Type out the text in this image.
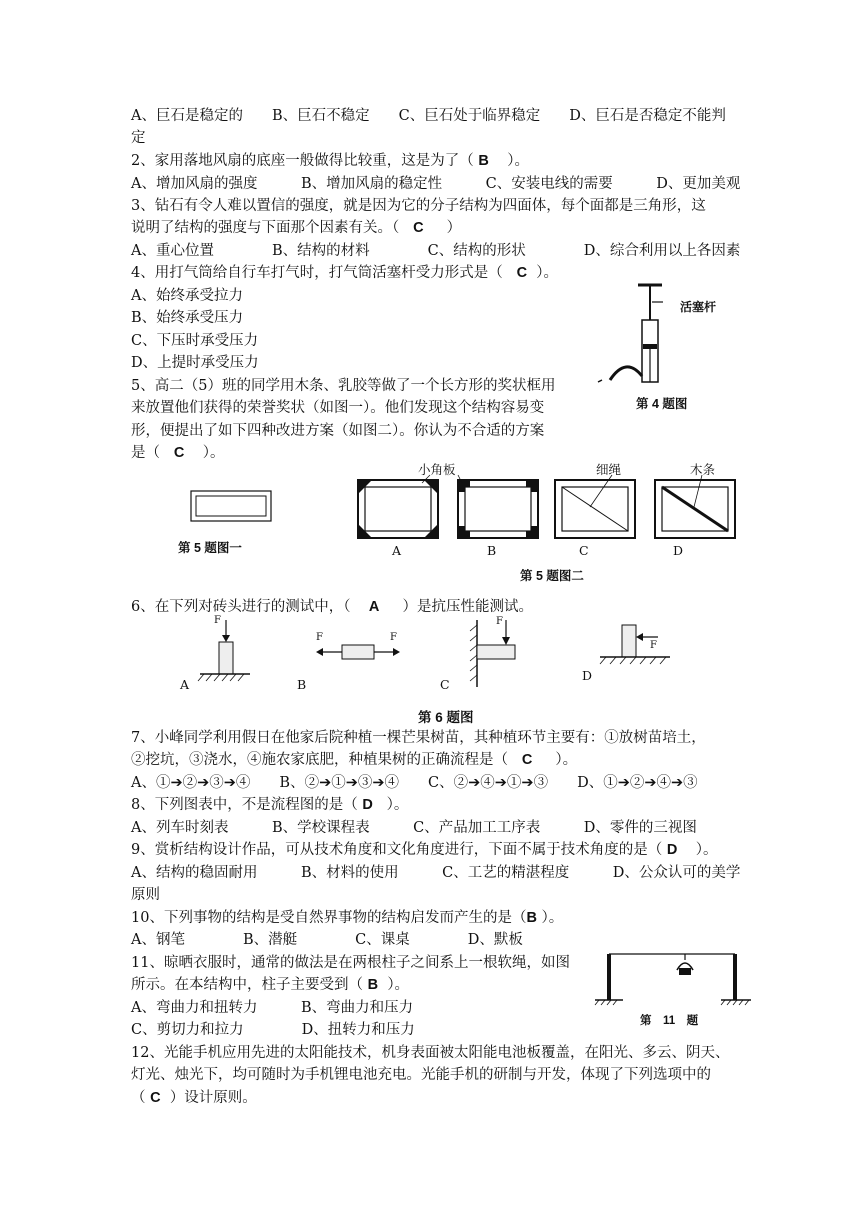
A、巨石是稳定的　　B、巨石不稳定　　C、巨石处于临界稳定　　D、巨石是否稳定不能判
定
2、家用落地风扇的底座一般做得比较重，这是为了（ B ）。
A、增加风扇的强度　　　B、增加风扇的稳定性　　　C、安装电线的需要　　　D、更加美观
3、钻石有令人难以置信的强度，就是因为它的分子结构为四面体，每个面都是三角形，这
说明了结构的强度与下面那个因素有关。（ C ）
A、重心位置　　　　B、结构的材料　　　　C、结构的形状　　　　D、综合利用以上各因素
4、用打气筒给自行车打气时，打气筒活塞杆受力形式是（ C ）。
A、始终承受拉力
B、始终承受压力
C、下压时承受压力
D、上提时承受压力
活塞杆
第 4 题图
5、高二（5）班的同学用木条、乳胶等做了一个长方形的奖状框用
来放置他们获得的荣誉奖状（如图一）。他们发现这个结构容易变
形，便提出了如下四种改进方案（如图二）。你认为不合适的方案
是（ C ）。
第 5 题图一
小角板	细绳	木条
A	B	C	D
第 5 题图二
6、在下列对砖头进行的测试中，（ A ）是抗压性能测试。
F
F	F
F
F
A	B	C
D
第 6 题图
7、小峰同学利用假日在他家后院种植一棵芒果树苗，其种植环节主要有：①放树苗培土，
②挖坑，③浇水，④施农家底肥，种植果树的正确流程是（ C ）。
A、①➔②➔③➔④　　B、②➔①➔③➔④　　C、②➔④➔①➔③　　D、①➔②➔④➔③
8、下列图表中，不是流程图的是（ D ）。
A、列车时刻表　　　B、学校课程表　　　C、产品加工工序表　　　D、零件的三视图
9、赏析结构设计作品，可从技术角度和文化角度进行，下面不属于技术角度的是（ D ）。
A、结构的稳固耐用　　　B、材料的使用　　　C、工艺的精湛程度　　　D、公众认可的美学
原则
10、下列事物的结构是受自然界事物的结构启发而产生的是（B ）。
A、钢笔　　　　B、潜艇　　　　C、课桌　　　　D、默板
11、晾晒衣服时，通常的做法是在两根柱子之间系上一根软绳，如图
所示。在本结构中，柱子主要受到（ B ）。
A、弯曲力和扭转力　　　B、弯曲力和压力
C、剪切力和拉力　　　　D、扭转力和压力
第　11　题
12、光能手机应用先进的太阳能技术，机身表面被太阳能电池板覆盖，在阳光、多云、阴天、
灯光、烛光下，均可随时为手机锂电池充电。光能手机的研制与开发，体现了下列选项中的
（ C ）设计原则。
